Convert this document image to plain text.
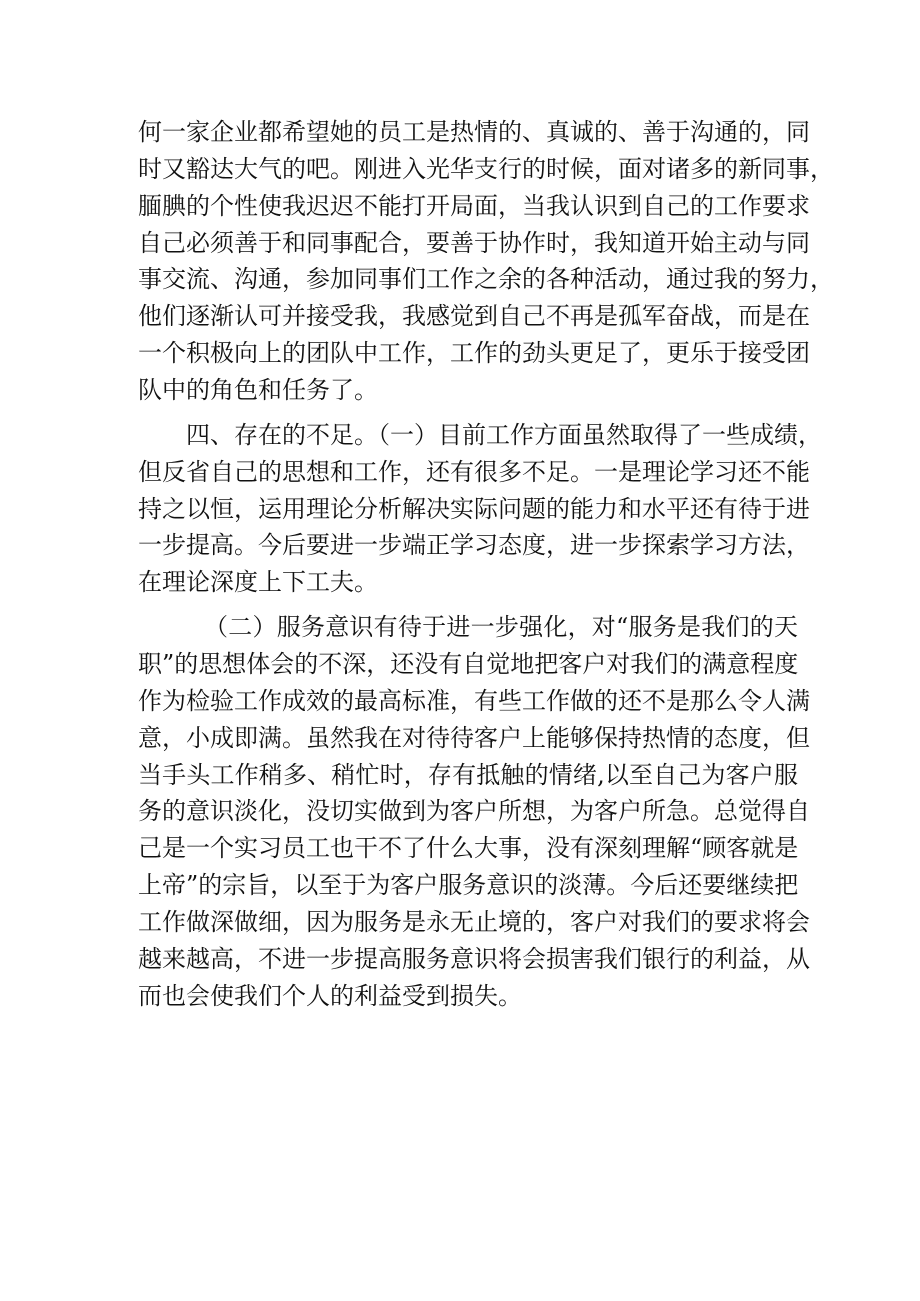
何一家企业都希望她的员工是热情的、真诚的、善于沟通的，同
时又豁达大气的吧。刚进入光华支行的时候，面对诸多的新同事，
腼腆的个性使我迟迟不能打开局面，当我认识到自己的工作要求
自己必须善于和同事配合，要善于协作时，我知道开始主动与同
事交流、沟通，参加同事们工作之余的各种活动，通过我的努力，
他们逐渐认可并接受我，我感觉到自己不再是孤军奋战，而是在
一个积极向上的团队中工作，工作的劲头更足了，更乐于接受团
队中的角色和任务了。
四、存在的不足。（一）目前工作方面虽然取得了一些成绩，
但反省自己的思想和工作，还有很多不足。一是理论学习还不能
持之以恒，运用理论分析解决实际问题的能力和水平还有待于进
一步提高。今后要进一步端正学习态度，进一步探索学习方法，
在理论深度上下工夫。
（二）服务意识有待于进一步强化，对“服务是我们的天
职”的思想体会的不深，还没有自觉地把客户对我们的满意程度
作为检验工作成效的最高标准，有些工作做的还不是那么令人满
意，小成即满。虽然我在对待待客户上能够保持热情的态度，但
当手头工作稍多、稍忙时，存有抵触的情绪,以至自己为客户服
务的意识淡化，没切实做到为客户所想，为客户所急。总觉得自
己是一个实习员工也干不了什么大事，没有深刻理解“顾客就是
上帝”的宗旨，以至于为客户服务意识的淡薄。今后还要继续把
工作做深做细，因为服务是永无止境的，客户对我们的要求将会
越来越高，不进一步提高服务意识将会损害我们银行的利益，从
而也会使我们个人的利益受到损失。
